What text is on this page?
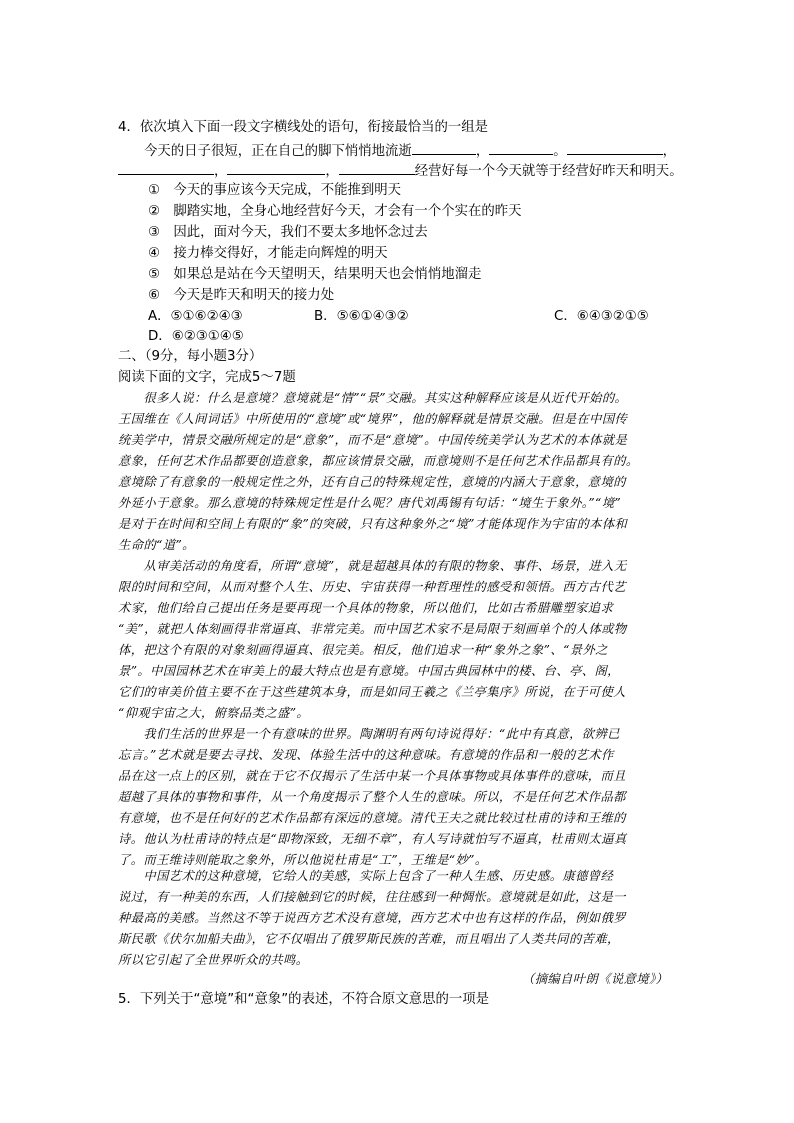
4．依次填入下面一段文字横线处的语句，衔接最恰当的一组是
今天的日子很短，正在自己的脚下悄悄地流逝	，	。	，
，	，	经营好每一个今天就等于经营好昨天和明天。
①　今天的事应该今天完成，不能推到明天
②　脚踏实地，全身心地经营好今天，才会有一个个实在的昨天
③　因此，面对今天，我们不要太多地怀念过去
④　接力棒交得好，才能走向辉煌的明天
⑤　如果总是站在今天望明天，结果明天也会悄悄地溜走
⑥　今天是昨天和明天的接力处
A．⑤①⑥②④③	B．⑤⑥①④③②	C．⑥④③②①⑤
D．⑥②③①④⑤
二、（9分，每小题3分）
阅读下面的文字，完成5～7题
　　很多人说：什么是意境？意境就是“情”“景”交融。其实这种解释应该是从近代开始的。
王国维在《人间词话》中所使用的“意境”或“境界”，他的解释就是情景交融。但是在中国传
统美学中，情景交融所规定的是“意象”，而不是“意境”。中国传统美学认为艺术的本体就是
意象，任何艺术作品都要创造意象，都应该情景交融，而意境则不是任何艺术作品都具有的。
意境除了有意象的一般规定性之外，还有自己的特殊规定性，意境的内涵大于意象，意境的
外延小于意象。那么意境的特殊规定性是什么呢？唐代刘禹锡有句话：“境生于象外。”“境”
是对于在时间和空间上有限的“象”的突破，只有这种象外之“境”才能体现作为宇宙的本体和
生命的“道”。
　　从审美活动的角度看，所谓“意境”，就是超越具体的有限的物象、事件、场景，进入无
限的时间和空间，从而对整个人生、历史、宇宙获得一种哲理性的感受和领悟。西方古代艺
术家，他们给自己提出任务是要再现一个具体的物象，所以他们，比如古希腊雕塑家追求
“美”，就把人体刻画得非常逼真、非常完美。而中国艺术家不是局限于刻画单个的人体或物
体，把这个有限的对象刻画得逼真、很完美。相反，他们追求一种“象外之象”、“景外之
景”。中国园林艺术在审美上的最大特点也是有意境。中国古典园林中的楼、台、亭、阁，
它们的审美价值主要不在于这些建筑本身，而是如同王羲之《兰亭集序》所说，在于可使人
“仰观宇宙之大，俯察品类之盛”。
　　我们生活的世界是一个有意味的世界。陶渊明有两句诗说得好：“此中有真意，欲辨已
忘言。”艺术就是要去寻找、发现、体验生活中的这种意味。有意境的作品和一般的艺术作
品在这一点上的区别，就在于它不仅揭示了生活中某一个具体事物或具体事件的意味，而且
超越了具体的事物和事件，从一个角度揭示了整个人生的意味。所以，不是任何艺术作品都
有意境，也不是任何好的艺术作品都有深远的意境。清代王夫之就比较过杜甫的诗和王维的
诗。他认为杜甫诗的特点是“即物深致，无细不章”，有人写诗就怕写不逼真，杜甫则太逼真
了。而王维诗则能取之象外，所以他说杜甫是“工”，王维是“妙”。
　　中国艺术的这种意境，它给人的美感，实际上包含了一种人生感、历史感。康德曾经
说过，有一种美的东西，人们接触到它的时候，往往感到一种惆怅。意境就是如此，这是一
种最高的美感。当然这不等于说西方艺术没有意境，西方艺术中也有这样的作品，例如俄罗
斯民歌《伏尔加船夫曲》，它不仅唱出了俄罗斯民族的苦难，而且唱出了人类共同的苦难，
所以它引起了全世界听众的共鸣。
（摘编自叶朗《说意境》）
5．下列关于“意境”和“意象”的表述，不符合原文意思的一项是
